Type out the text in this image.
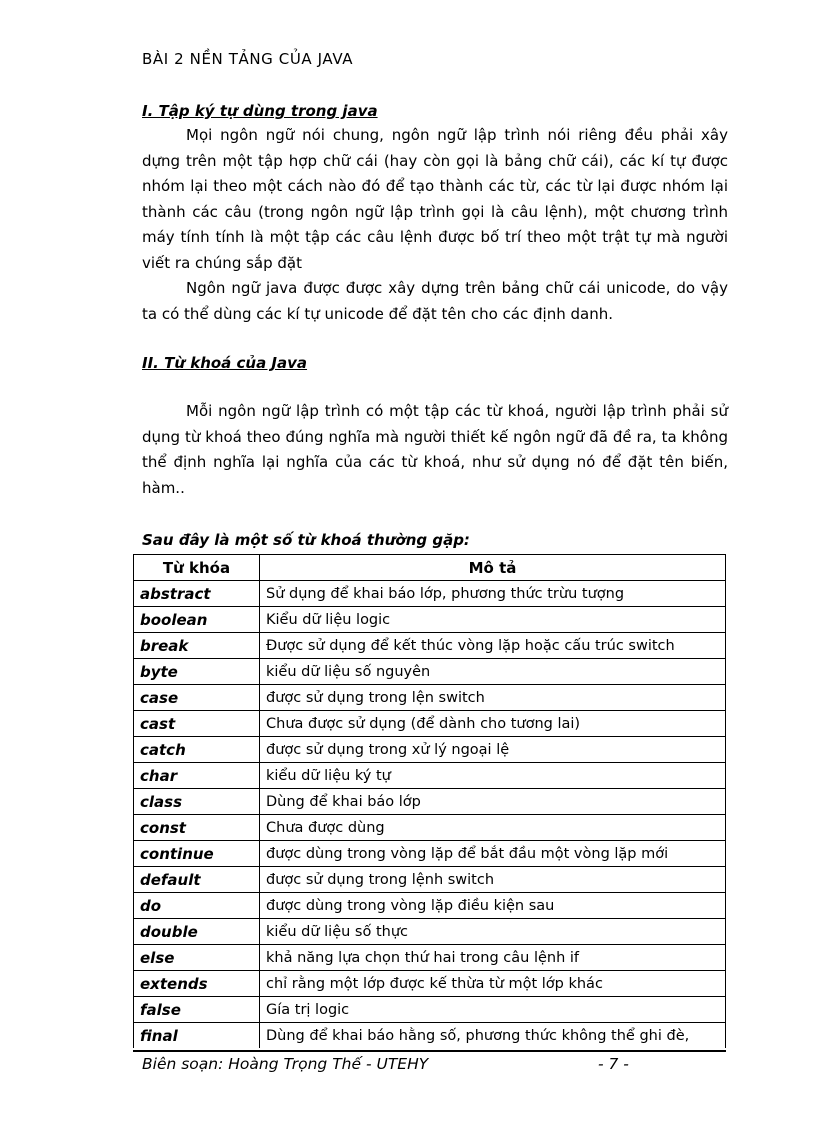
BÀI 2 NỀN TẢNG CỦA JAVA
I. Tập ký tự dùng trong java

Mọi ngôn ngữ nói chung, ngôn ngữ lập trình nói riêng đều phải xây dựng trên một tập hợp chữ cái (hay còn gọi là bảng chữ cái), các kí tự được nhóm lại theo một cách nào đó để tạo thành các từ, các từ lại được nhóm lại thành các câu (trong ngôn ngữ lập trình gọi là câu lệnh), một chương trình máy tính tính là một tập các câu lệnh được bố trí theo một trật tự mà người viết ra chúng sắp đặt

Ngôn ngữ java được được xây dựng trên bảng chữ cái unicode, do vậy ta có thể dùng các kí tự unicode để đặt tên cho các định danh.

II. Từ khoá của Java

Mỗi ngôn ngữ lập trình có một tập các từ khoá, người lập trình phải sử dụng từ khoá theo đúng nghĩa mà người thiết kế ngôn ngữ đã đề ra, ta không thể định nghĩa lại nghĩa của các từ khoá, như sử dụng nó để đặt tên biến, hàm..

Sau đây là một số từ khoá thường gặp:
Từ khóa	Mô tả
abstract	Sử dụng để khai báo lớp, phương thức trừu tượng
boolean	Kiểu dữ liệu logic
break	Được sử dụng để kết thúc vòng lặp hoặc cấu trúc switch
byte	kiểu dữ liệu số nguyên
case	được sử dụng trong lện switch
cast	Chưa được sử dụng (để dành cho tương lai)
catch	được sử dụng trong xử lý ngoại lệ
char	kiểu dữ liệu ký tự
class	Dùng để khai báo lớp
const	Chưa được dùng
continue	được dùng trong vòng lặp để bắt đầu một vòng lặp mới
default	được sử dụng trong lệnh switch
do	được dùng trong vòng lặp điều kiện sau
double	kiểu dữ liệu số thực
else	khả năng lựa chọn thứ hai trong câu lệnh if
extends	chỉ rằng một lớp được kế thừa từ một lớp khác
false	Gía trị logic
final	Dùng để khai báo hằng số, phương thức không thể ghi đè,
Biên soạn: Hoàng Trọng Thế - UTEHY	- 7 -
